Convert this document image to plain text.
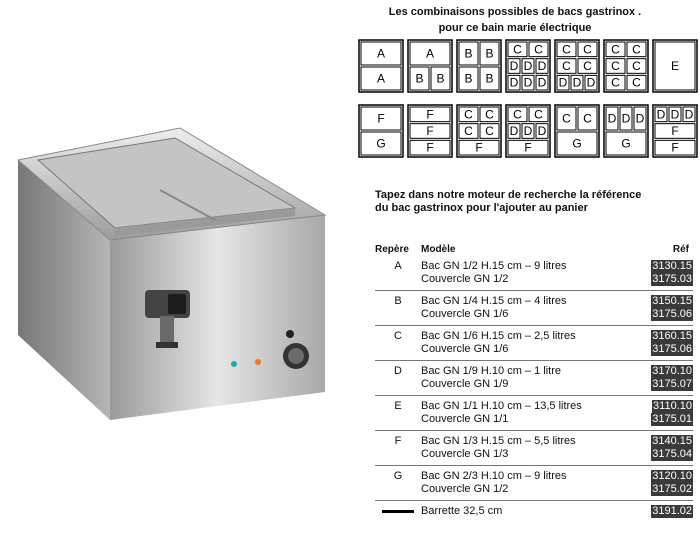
Les combinaisons possibles de bacs gastrinox .
pour ce bain marie électrique
A
A
A
B B
B B
B B
C C
D D D
D D D
C C
C C
D D D
C C
C C
C C
E
F
G
F
F
F
C C
C C
F
C C
D D D
F
C C
G
D D D
G
D D D
F
F
Tapez dans notre moteur de recherche la référence
du bac gastrinox pour l'ajouter au panier
Repère	Modèle	Réf
A	Bac GN 1/2 H.15 cm – 9 litres	3130.15
	Couvercle GN 1/2	3175.03

B	Bac GN 1/4 H.15 cm – 4 litres	3150.15
	Couvercle GN 1/6	3175.06

C	Bac GN 1/6 H.15 cm – 2,5 litres	3160.15
	Couvercle GN 1/6	3175.06

D	Bac GN 1/9 H.10 cm – 1 litre	3170.10
	Couvercle GN 1/9	3175.07

E	Bac GN 1/1 H.10 cm – 13,5 litres	3110.10
	Couvercle GN 1/1	3175.01

F	Bac GN 1/3 H.15 cm – 5,5 litres	3140.15
	Couvercle GN 1/3	3175.04

G	Bac GN 2/3 H.10 cm – 9 litres	3120.10
	Couvercle GN 1/2	3175.02

	Barrette 32,5 cm	3191.02
